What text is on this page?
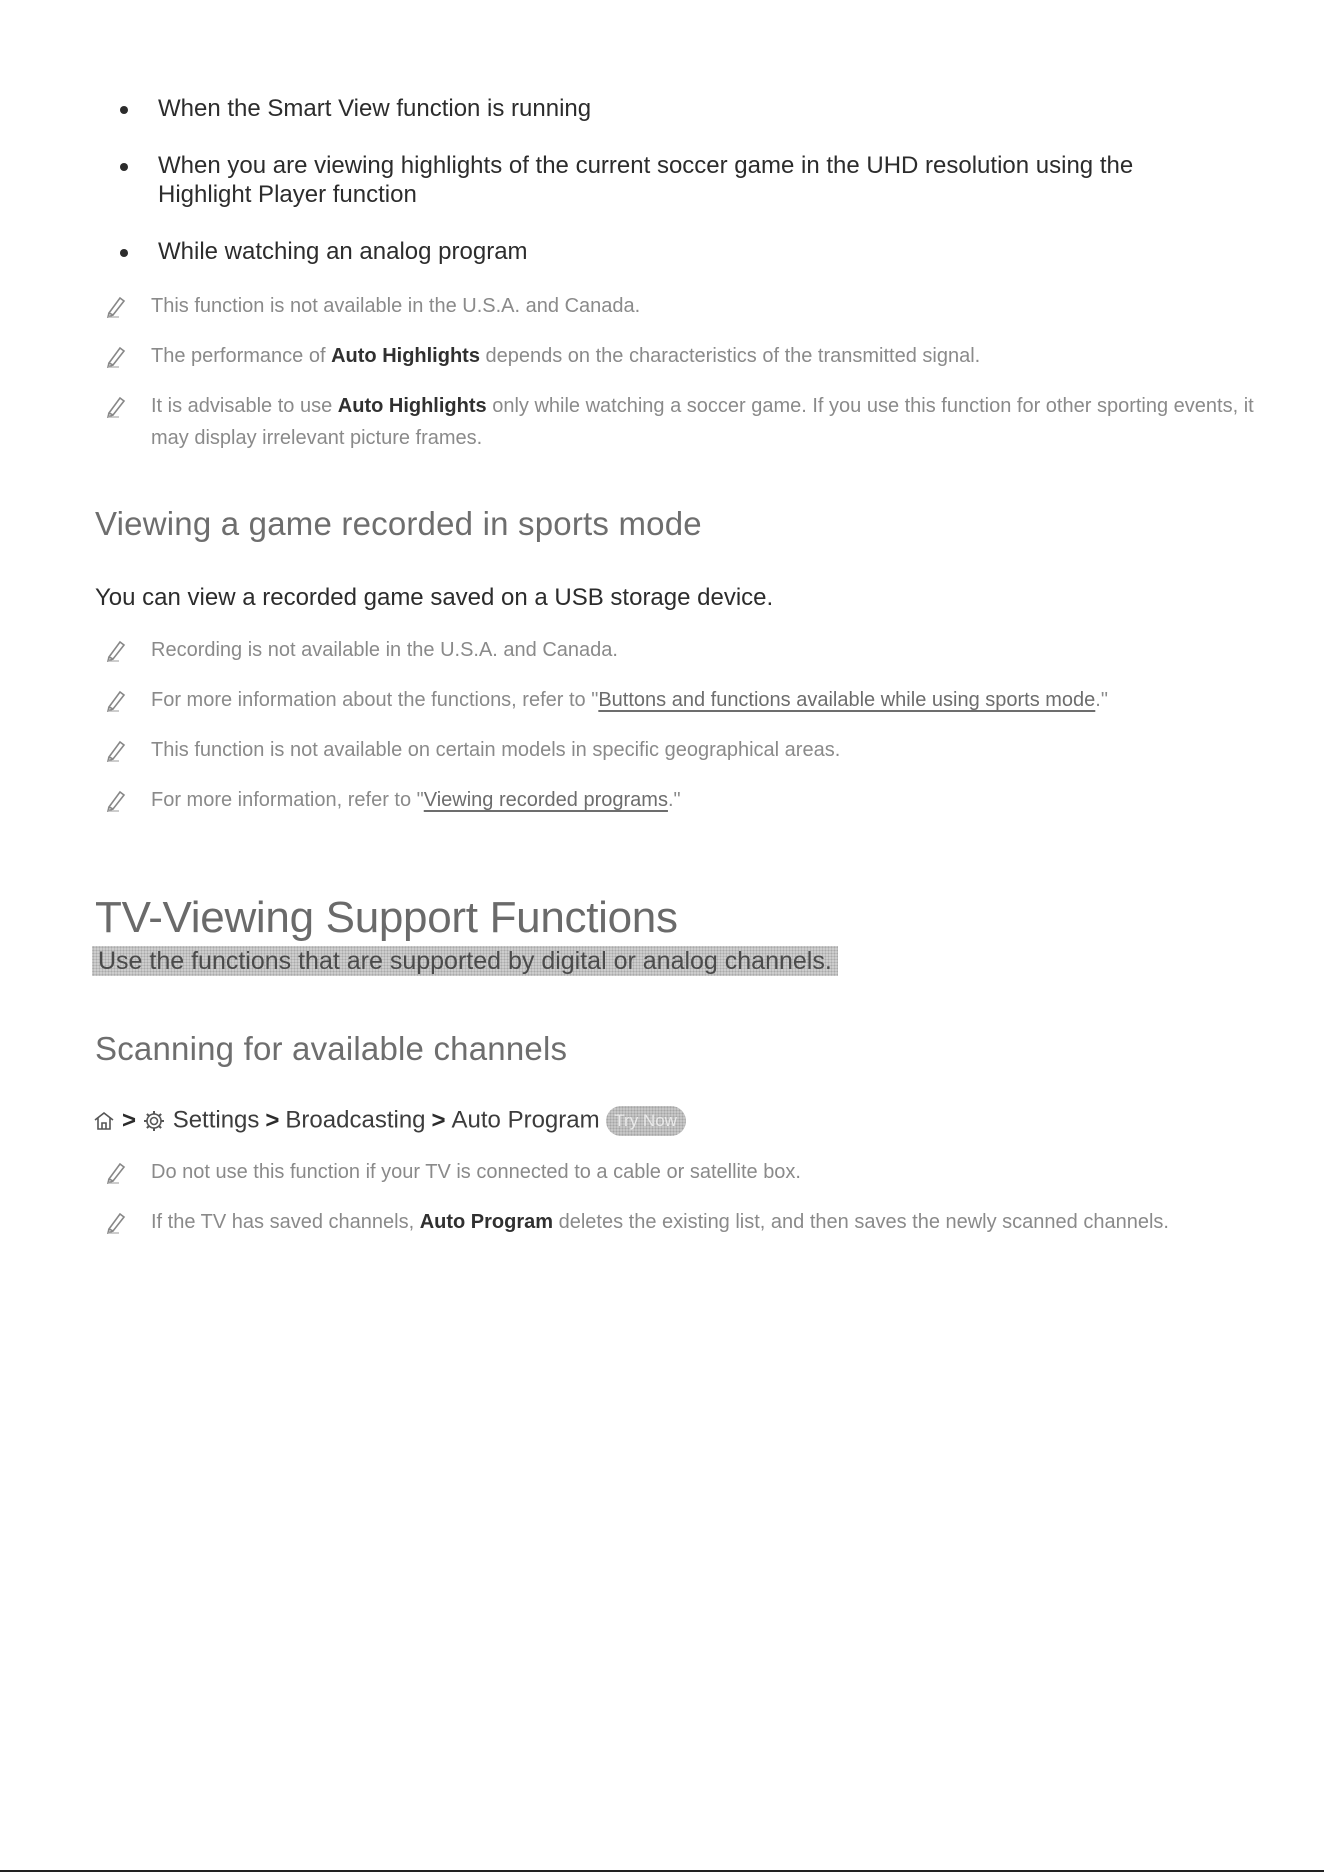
When the Smart View function is running
When you are viewing highlights of the current soccer game in the UHD resolution using the
Highlight Player function
While watching an analog program
This function is not available in the U.S.A. and Canada.
The performance of Auto Highlights depends on the characteristics of the transmitted signal.
It is advisable to use Auto Highlights only while watching a soccer game. If you use this function for other sporting events, it may display irrelevant picture frames.
Viewing a game recorded in sports mode
You can view a recorded game saved on a USB storage device.
Recording is not available in the U.S.A. and Canada.
For more information about the functions, refer to "Buttons and functions available while using sports mode."
This function is not available on certain models in specific geographical areas.
For more information, refer to "Viewing recorded programs."
TV-Viewing Support Functions
Use the functions that are supported by digital or analog channels.
Scanning for available channels
> Settings > Broadcasting > Auto Program Try Now
Do not use this function if your TV is connected to a cable or satellite box.
If the TV has saved channels, Auto Program deletes the existing list, and then saves the newly scanned channels.
